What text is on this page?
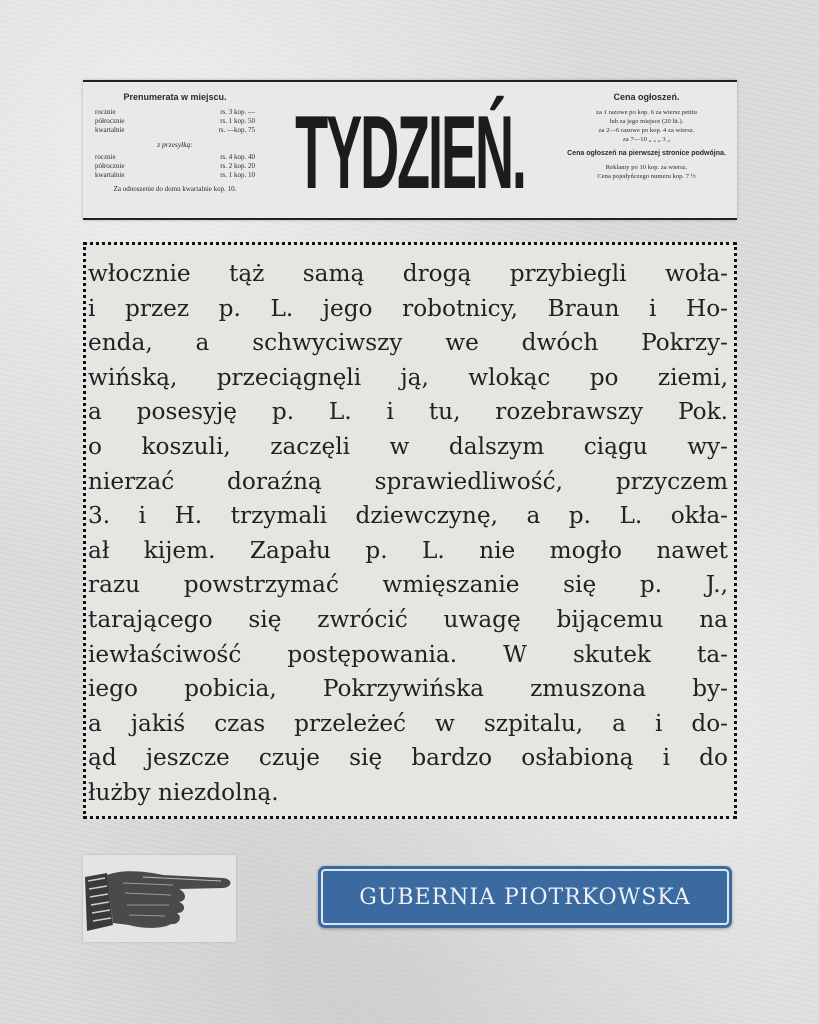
Prenumerata w miejscu.
rocznie	rs. 3 kop. —
półrocznie	rs. 1 kop. 50
kwartalnie	rs. —kop. 75
z przesyłką:
rocznie	rs. 4 kop. 40
półrocznie	rs. 2 kop. 20
kwartalnie	rs. 1 kop. 10
Za odnoszenie do domu kwartalnie kop. 10. TYDZIEŃ.	Cena ogłoszeń.
za 1 razowe po kop. 6 za wiersz petitu
lub za jego miejsce (20 lit.).
za 2—6 razowe po kop. 4 za wiersz.
za 7—10 „ „ „ 3 „
Cena ogłoszeń na pierwszej stronice podwójna.
Reklamy po 10 kop. za wiersz.
Cena pojedyńczego numeru kop. 7 ½
włocznie tąż samą drogą przybiegli woła-
i przez p. L. jego robotnicy, Braun i Ho-
enda, a schwyciwszy we dwóch Pokrzy-
wińską, przeciągnęli ją, wlokąc po ziemi,
a posesyję p. L. i tu, rozebrawszy Pok.
o koszuli, zaczęli w dalszym ciągu wy-
nierzać doraźną sprawiedliwość, przyczem
3. i H. trzymali dziewczynę, a p. L. okła-
ał kijem. Zapału p. L. nie mogło nawet
razu powstrzymać wmięszanie się p. J.,
tarającego się zwrócić uwagę bijącemu na
iewłaściwość postępowania. W skutek ta-
iego pobicia, Pokrzywińska zmuszona by-
a jakiś czas przeleżeć w szpitalu, a i do-
ąd jeszcze czuje się bardzo osłabioną i do
łużby niezdolną.
GUBERNIA PIOTRKOWSKA
